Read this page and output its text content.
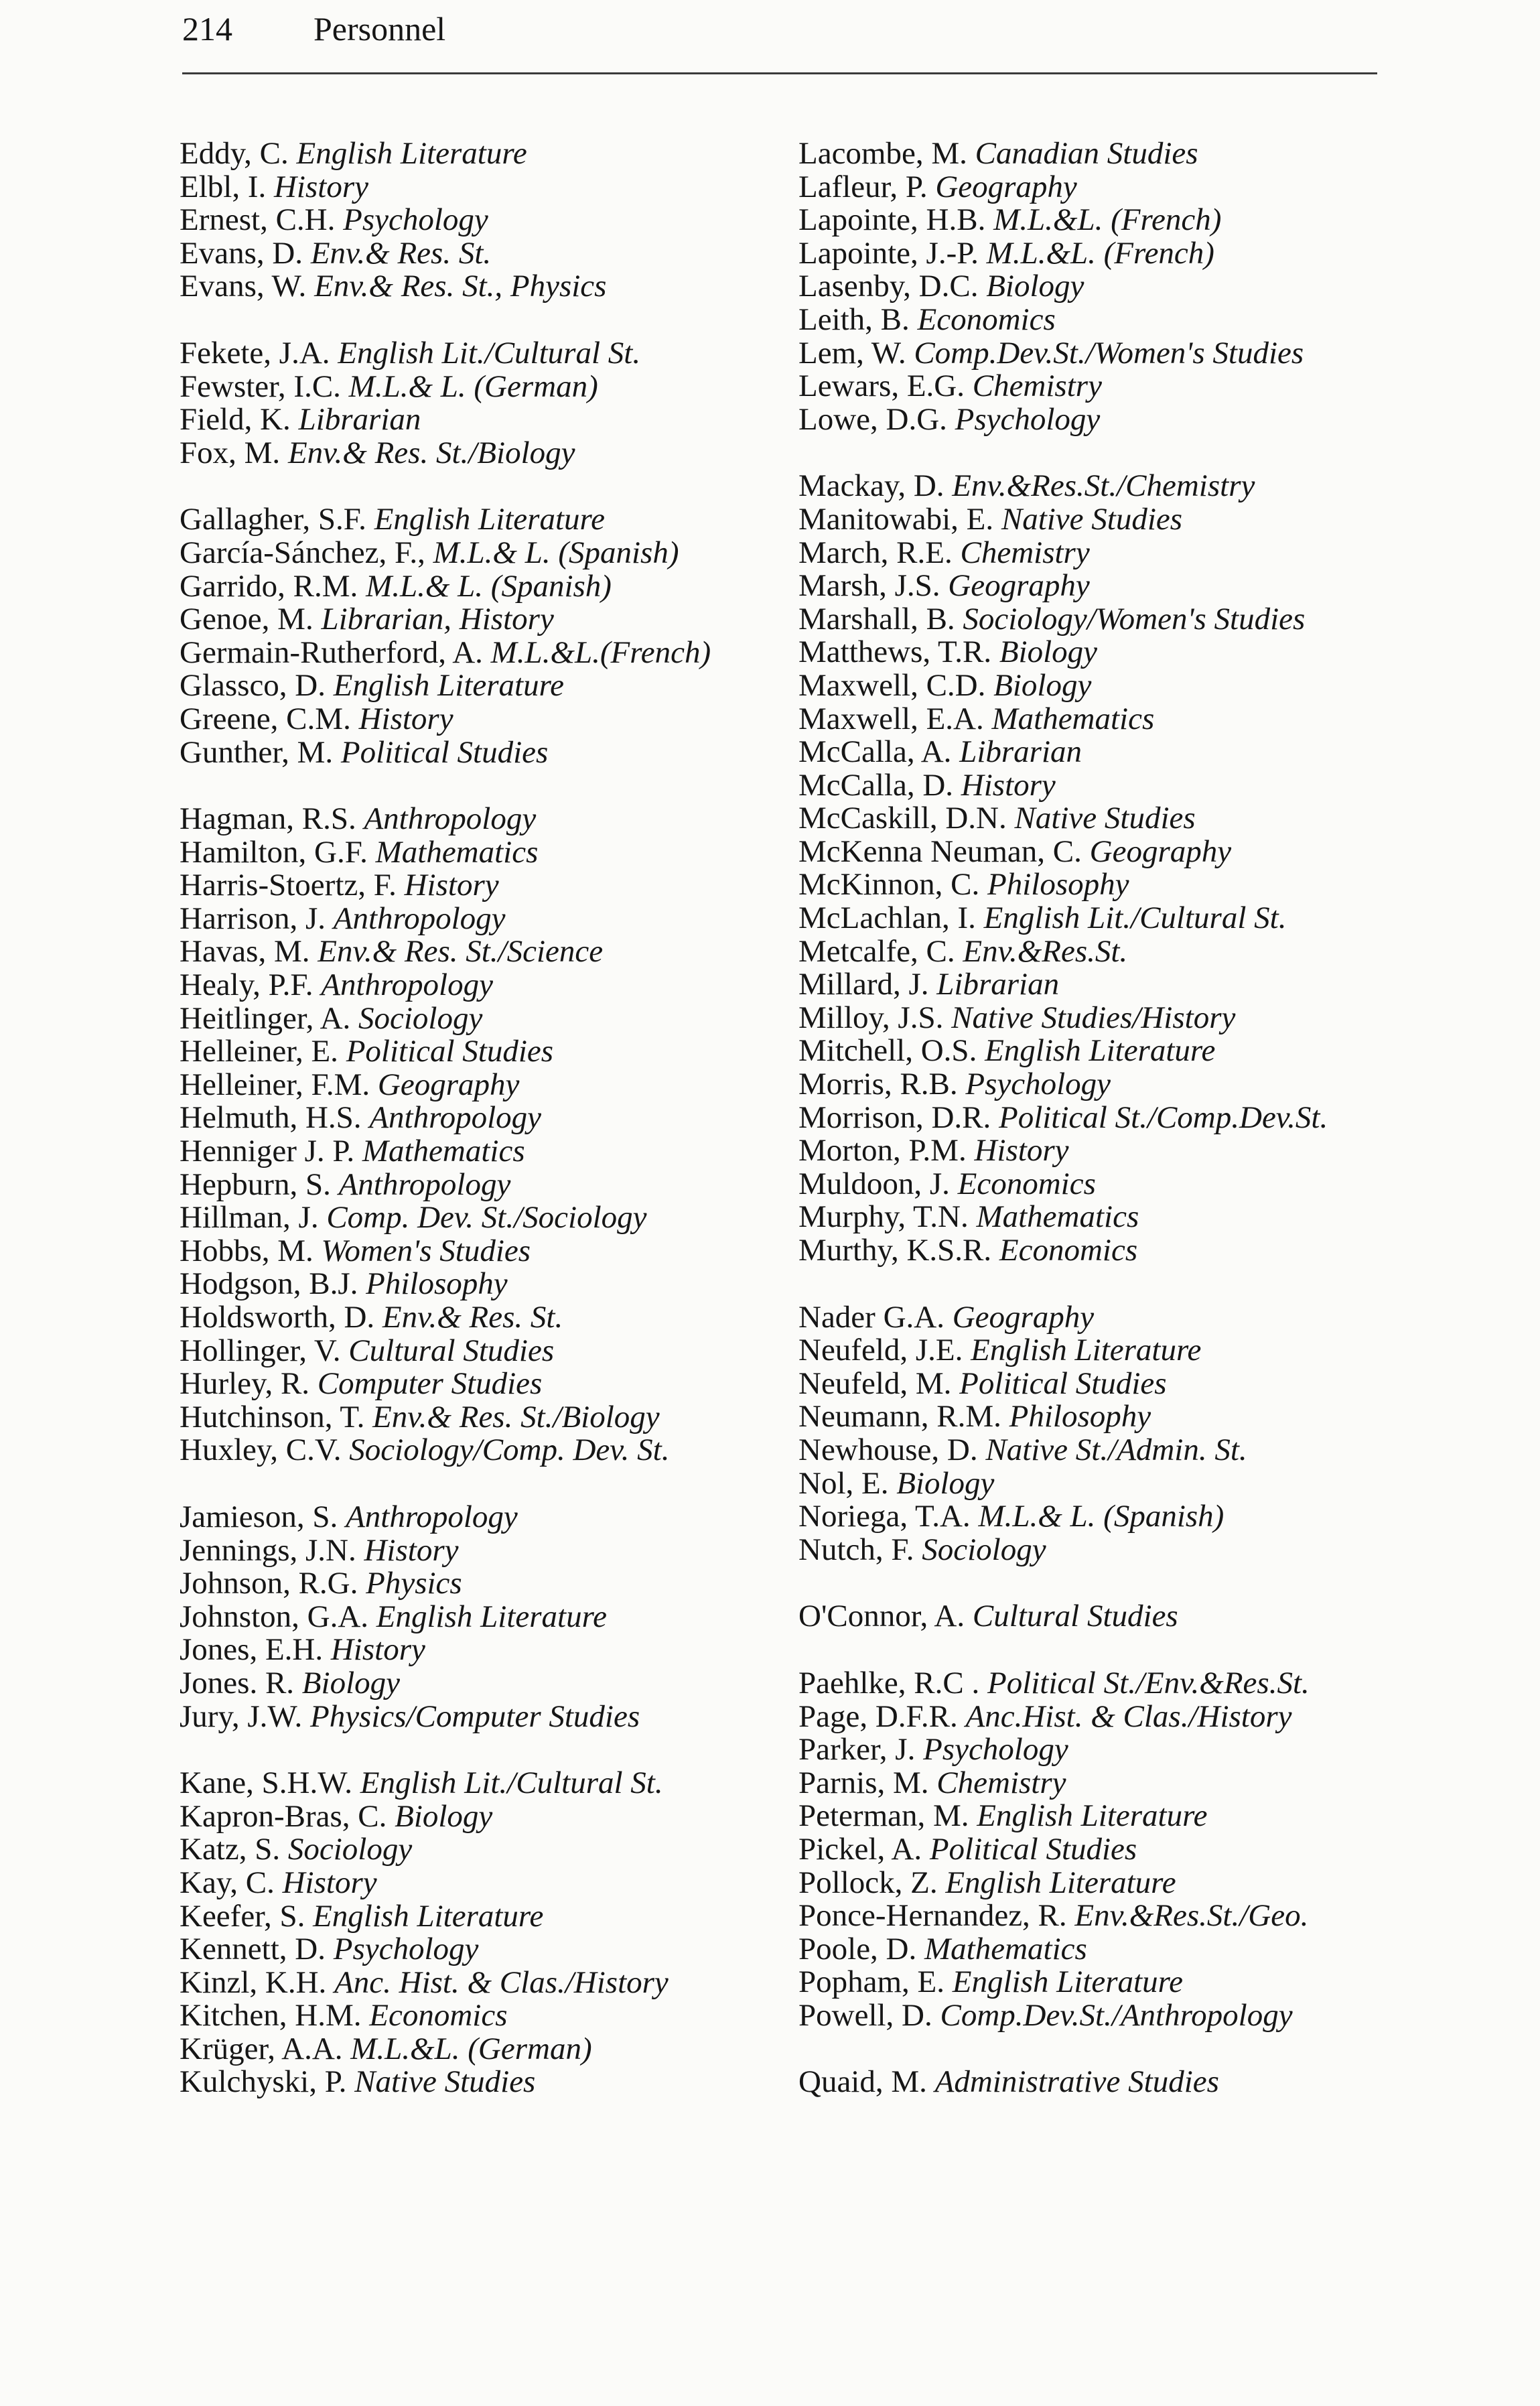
214 Personnel
Eddy, C. English Literature
Elbl, I. History
Ernest, C.H. Psychology
Evans, D. Env.& Res. St.
Evans, W. Env.& Res. St., Physics
Fekete, J.A. English Lit./Cultural St.
Fewster, I.C. M.L.& L. (German)
Field, K. Librarian
Fox, M. Env.& Res. St./Biology
Gallagher, S.F. English Literature
García-Sánchez, F., M.L.& L. (Spanish)
Garrido, R.M. M.L.& L. (Spanish)
Genoe, M. Librarian, History
Germain-Rutherford, A. M.L.&L.(French)
Glassco, D. English Literature
Greene, C.M. History
Gunther, M. Political Studies
Hagman, R.S. Anthropology
Hamilton, G.F. Mathematics
Harris-Stoertz, F. History
Harrison, J. Anthropology
Havas, M. Env.& Res. St./Science
Healy, P.F. Anthropology
Heitlinger, A. Sociology
Helleiner, E. Political Studies
Helleiner, F.M. Geography
Helmuth, H.S. Anthropology
Henniger J. P. Mathematics
Hepburn, S. Anthropology
Hillman, J. Comp. Dev. St./Sociology
Hobbs, M. Women's Studies
Hodgson, B.J. Philosophy
Holdsworth, D. Env.& Res. St.
Hollinger, V. Cultural Studies
Hurley, R. Computer Studies
Hutchinson, T. Env.& Res. St./Biology
Huxley, C.V. Sociology/Comp. Dev. St.
Jamieson, S. Anthropology
Jennings, J.N. History
Johnson, R.G. Physics
Johnston, G.A. English Literature
Jones, E.H. History
Jones. R. Biology
Jury, J.W. Physics/Computer Studies
Kane, S.H.W. English Lit./Cultural St.
Kapron-Bras, C. Biology
Katz, S. Sociology
Kay, C. History
Keefer, S. English Literature
Kennett, D. Psychology
Kinzl, K.H. Anc. Hist. & Clas./History
Kitchen, H.M. Economics
Krüger, A.A. M.L.&L. (German)
Kulchyski, P. Native Studies
Lacombe, M. Canadian Studies
Lafleur, P. Geography
Lapointe, H.B. M.L.&L. (French)
Lapointe, J.-P. M.L.&L. (French)
Lasenby, D.C. Biology
Leith, B. Economics
Lem, W. Comp.Dev.St./Women's Studies
Lewars, E.G. Chemistry
Lowe, D.G. Psychology
Mackay, D. Env.&Res.St./Chemistry
Manitowabi, E. Native Studies
March, R.E. Chemistry
Marsh, J.S. Geography
Marshall, B. Sociology/Women's Studies
Matthews, T.R. Biology
Maxwell, C.D. Biology
Maxwell, E.A. Mathematics
McCalla, A. Librarian
McCalla, D. History
McCaskill, D.N. Native Studies
McKenna Neuman, C. Geography
McKinnon, C. Philosophy
McLachlan, I. English Lit./Cultural St.
Metcalfe, C. Env.&Res.St.
Millard, J. Librarian
Milloy, J.S. Native Studies/History
Mitchell, O.S. English Literature
Morris, R.B. Psychology
Morrison, D.R. Political St./Comp.Dev.St.
Morton, P.M. History
Muldoon, J. Economics
Murphy, T.N. Mathematics
Murthy, K.S.R. Economics
Nader G.A. Geography
Neufeld, J.E. English Literature
Neufeld, M. Political Studies
Neumann, R.M. Philosophy
Newhouse, D. Native St./Admin. St.
Nol, E. Biology
Noriega, T.A. M.L.& L. (Spanish)
Nutch, F. Sociology
O'Connor, A. Cultural Studies
Paehlke, R.C . Political St./Env.&Res.St.
Page, D.F.R. Anc.Hist. & Clas./History
Parker, J. Psychology
Parnis, M. Chemistry
Peterman, M. English Literature
Pickel, A. Political Studies
Pollock, Z. English Literature
Ponce-Hernandez, R. Env.&Res.St./Geo.
Poole, D. Mathematics
Popham, E. English Literature
Powell, D. Comp.Dev.St./Anthropology
Quaid, M. Administrative Studies
